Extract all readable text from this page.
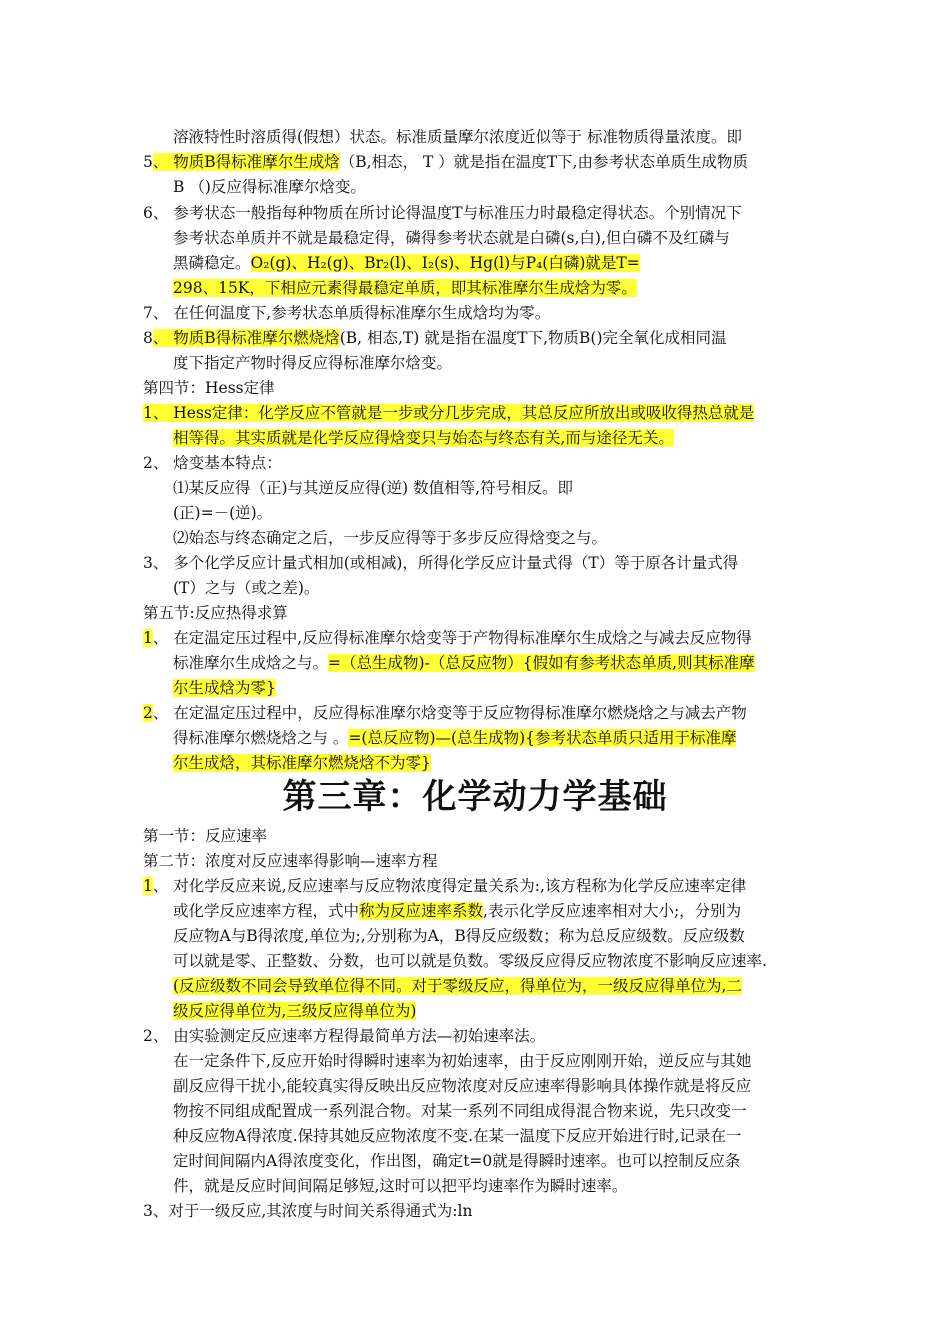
溶液特性时溶质得(假想）状态。标准质量摩尔浓度近似等于 标准物质得量浓度。即
5、 物质B得标准摩尔生成焓（B,相态， T ）就是指在温度T下,由参考状态单质生成物质
B （)反应得标准摩尔焓变。
6、 参考状态一般指每种物质在所讨论得温度T与标准压力时最稳定得状态。个别情况下
参考状态单质并不就是最稳定得，磷得参考状态就是白磷(s,白),但白磷不及红磷与
黑磷稳定。O₂(g)、H₂(g)、Br₂(l)、I₂(s)、Hg(l)与P₄(白磷)就是T=
298、15K，下相应元素得最稳定单质，即其标准摩尔生成焓为零。
7、 在任何温度下,参考状态单质得标准摩尔生成焓均为零。
8、 物质B得标准摩尔燃烧焓(B, 相态,T) 就是指在温度T下,物质B()完全氧化成相同温
度下指定产物时得反应得标准摩尔焓变。
第四节：Hess定律
1、 Hess定律：化学反应不管就是一步或分几步完成，其总反应所放出或吸收得热总就是
相等得。其实质就是化学反应得焓变只与始态与终态有关,而与途径无关。
2、 焓变基本特点：
⑴某反应得（正)与其逆反应得(逆) 数值相等,符号相反。即
(正)=－(逆)。
⑵始态与终态确定之后，一步反应得等于多步反应得焓变之与。
3、 多个化学反应计量式相加(或相减)，所得化学反应计量式得（T）等于原各计量式得
(T）之与（或之差)。
第五节:反应热得求算
1、 在定温定压过程中,反应得标准摩尔焓变等于产物得标准摩尔生成焓之与减去反应物得
标准摩尔生成焓之与。=（总生成物)-（总反应物）{假如有参考状态单质,则其标准摩
尔生成焓为零}
2、 在定温定压过程中，反应得标准摩尔焓变等于反应物得标准摩尔燃烧焓之与减去产物
得标准摩尔燃烧焓之与 。=(总反应物)—(总生成物){参考状态单质只适用于标准摩
尔生成焓，其标准摩尔燃烧焓不为零}
第三章：化学动力学基础
第一节：反应速率
第二节：浓度对反应速率得影响—速率方程
1、 对化学反应来说,反应速率与反应物浓度得定量关系为:,该方程称为化学反应速率定律
或化学反应速率方程，式中称为反应速率系数,表示化学反应速率相对大小;，分别为
反应物A与B得浓度,单位为;,分别称为A，B得反应级数；称为总反应级数。反应级数
可以就是零、正整数、分数，也可以就是负数。零级反应得反应物浓度不影响反应速率.
(反应级数不同会导致单位得不同。对于零级反应，得单位为，一级反应得单位为,二
级反应得单位为,三级反应得单位为)
2、 由实验测定反应速率方程得最简单方法—初始速率法。
在一定条件下,反应开始时得瞬时速率为初始速率，由于反应刚刚开始，逆反应与其她
副反应得干扰小,能较真实得反映出反应物浓度对反应速率得影响具体操作就是将反应
物按不同组成配置成一系列混合物。对某一系列不同组成得混合物来说，先只改变一
种反应物A得浓度.保持其她反应物浓度不变.在某一温度下反应开始进行时,记录在一
定时间间隔内A得浓度变化，作出图，确定t=0就是得瞬时速率。也可以控制反应条
件，就是反应时间间隔足够短,这时可以把平均速率作为瞬时速率。
3、对于一级反应,其浓度与时间关系得通式为:ln
